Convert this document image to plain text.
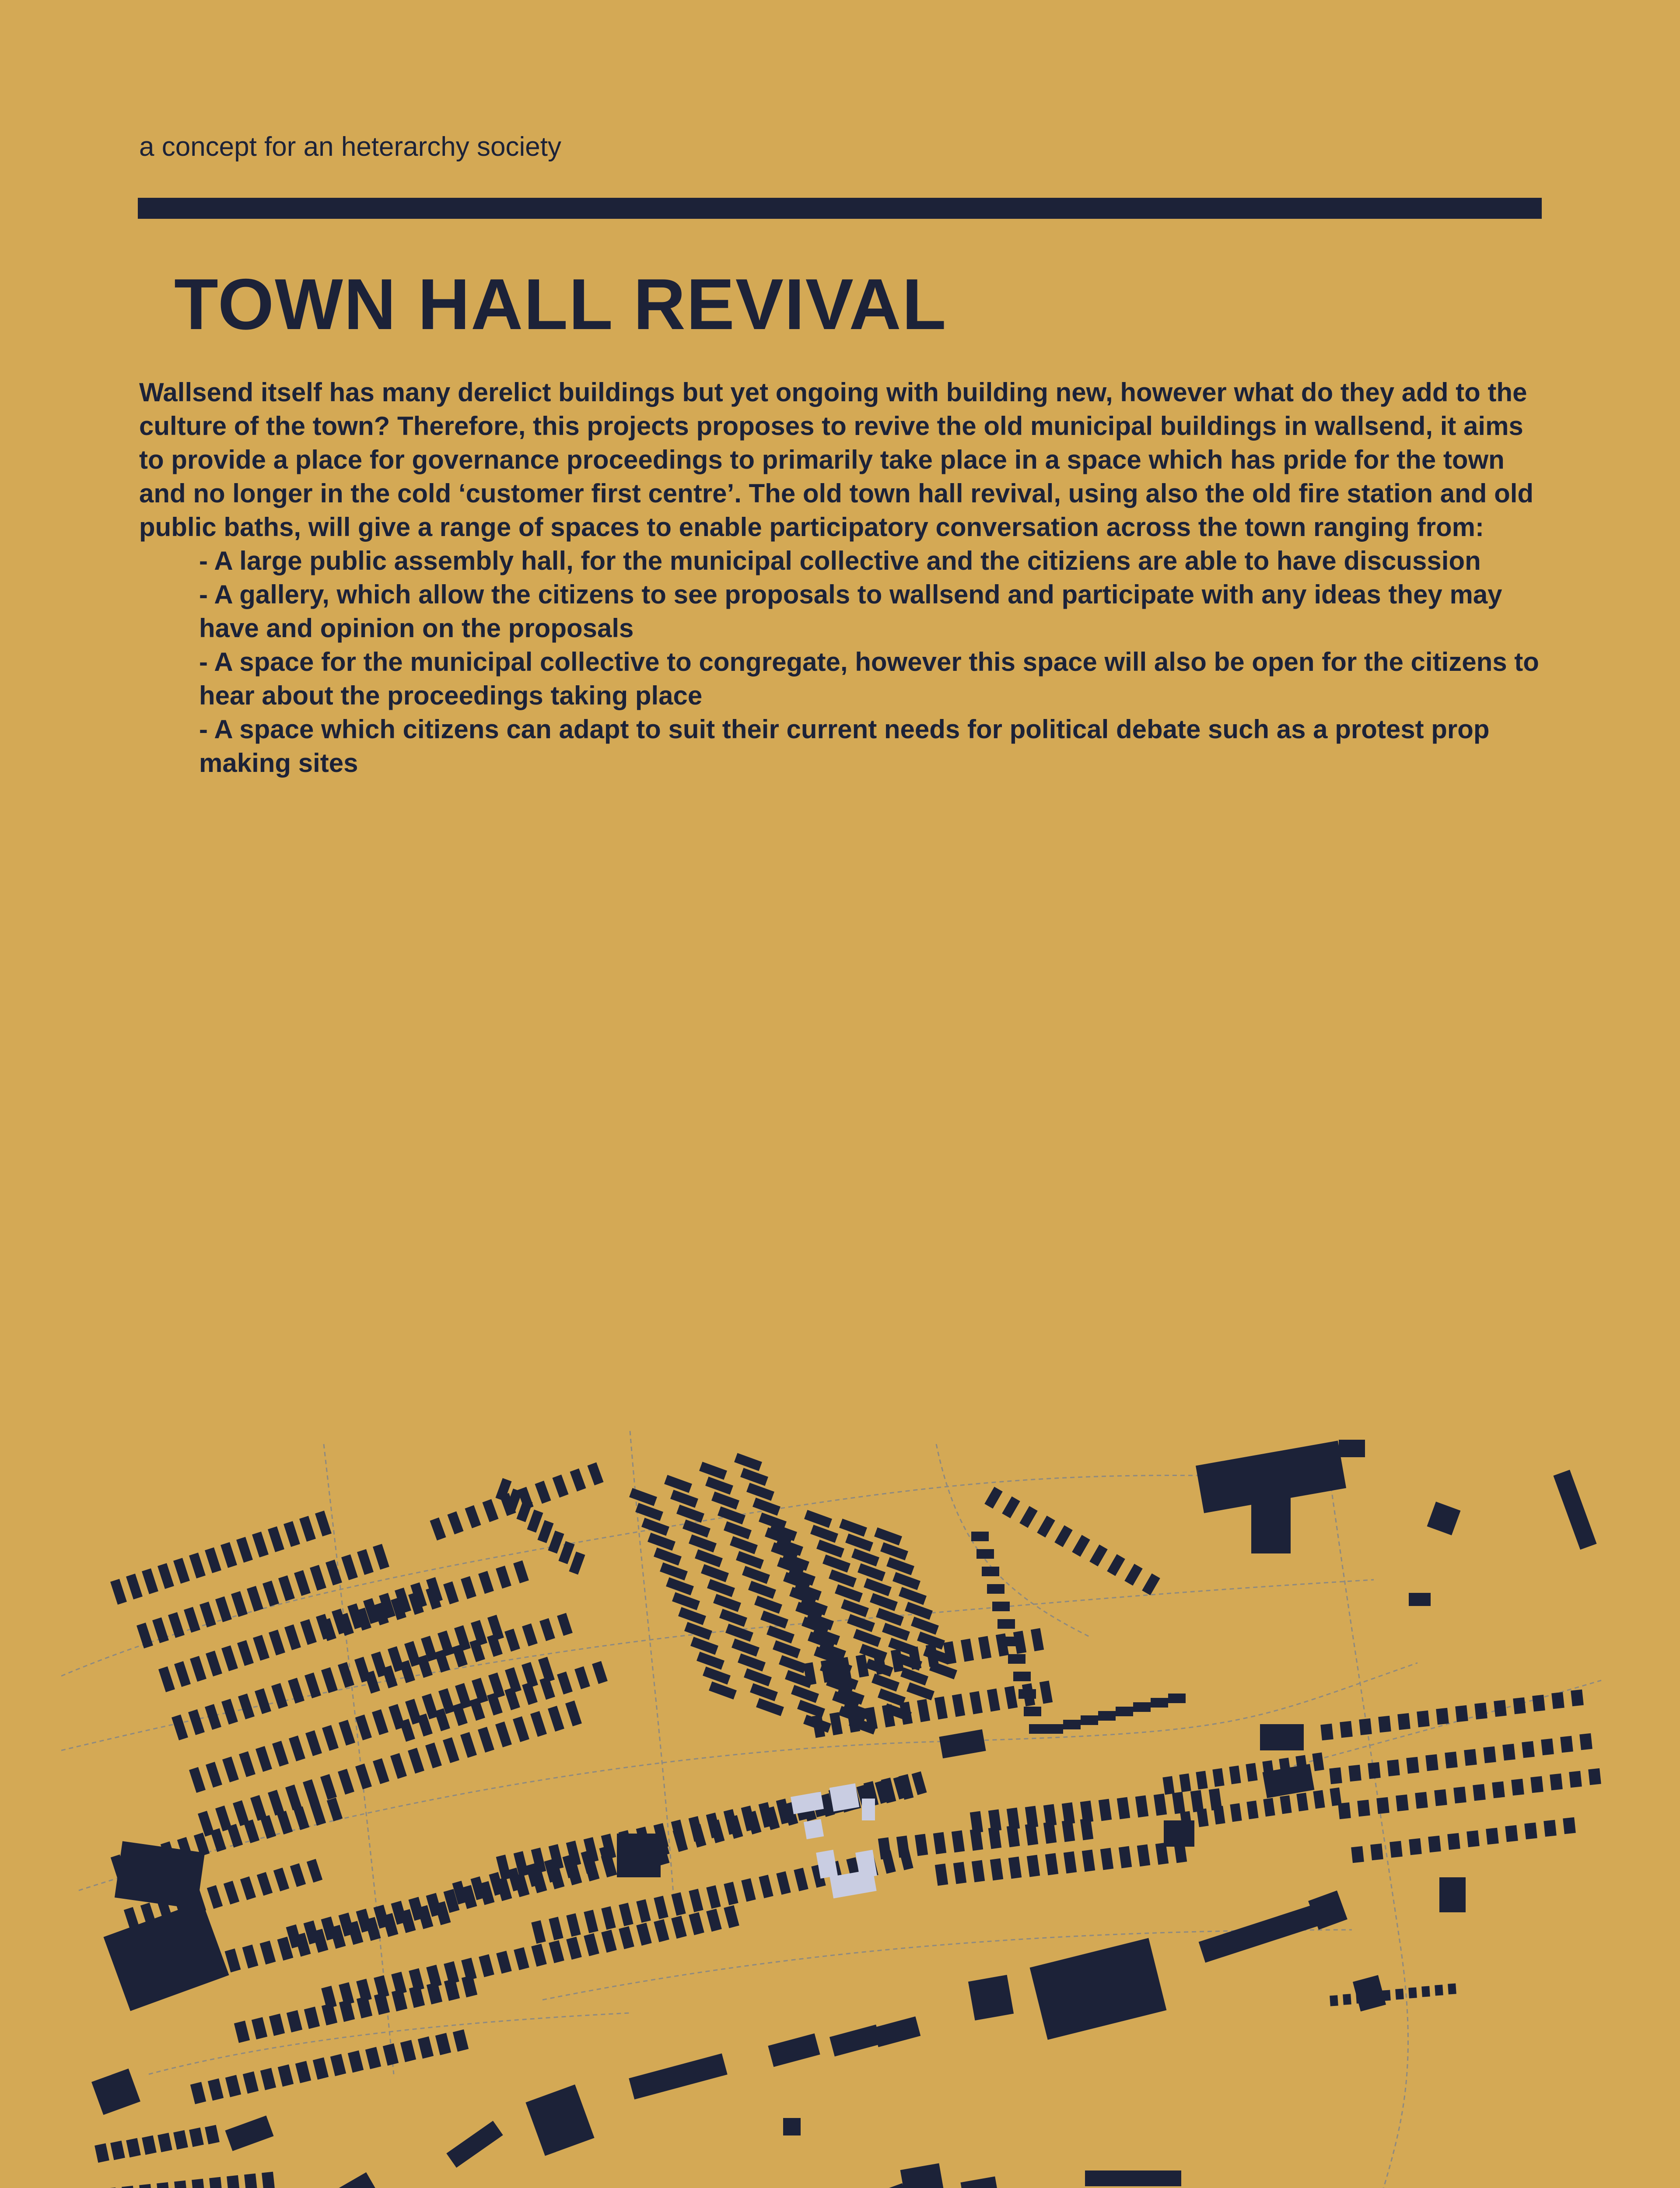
a concept for an heterarchy society

TOWN HALL REVIVAL

Wallsend itself has many derelict buildings but yet ongoing with building new, however what do they add to the culture of the town? Therefore, this projects proposes to revive the old municipal buildings in wallsend, it aims to provide a place for governance proceedings to primarily take place in a space which has pride for the town and no longer in the cold ‘customer first centre’. The old town hall revival, using also the old fire station and old public baths, will give a range of spaces to enable participatory conversation across the town ranging from:

- A large public assembly hall, for the municipal collective and the citiziens are able to have discussion
- A gallery, which allow the citizens to see proposals to wallsend and participate with any ideas they may have and opinion on the proposals
- A space for the municipal collective to congregate, however this space will also be open for the citizens to hear about the proceedings taking place
- A space which citizens can adapt to suit their current needs for political debate such as a protest prop making sites
